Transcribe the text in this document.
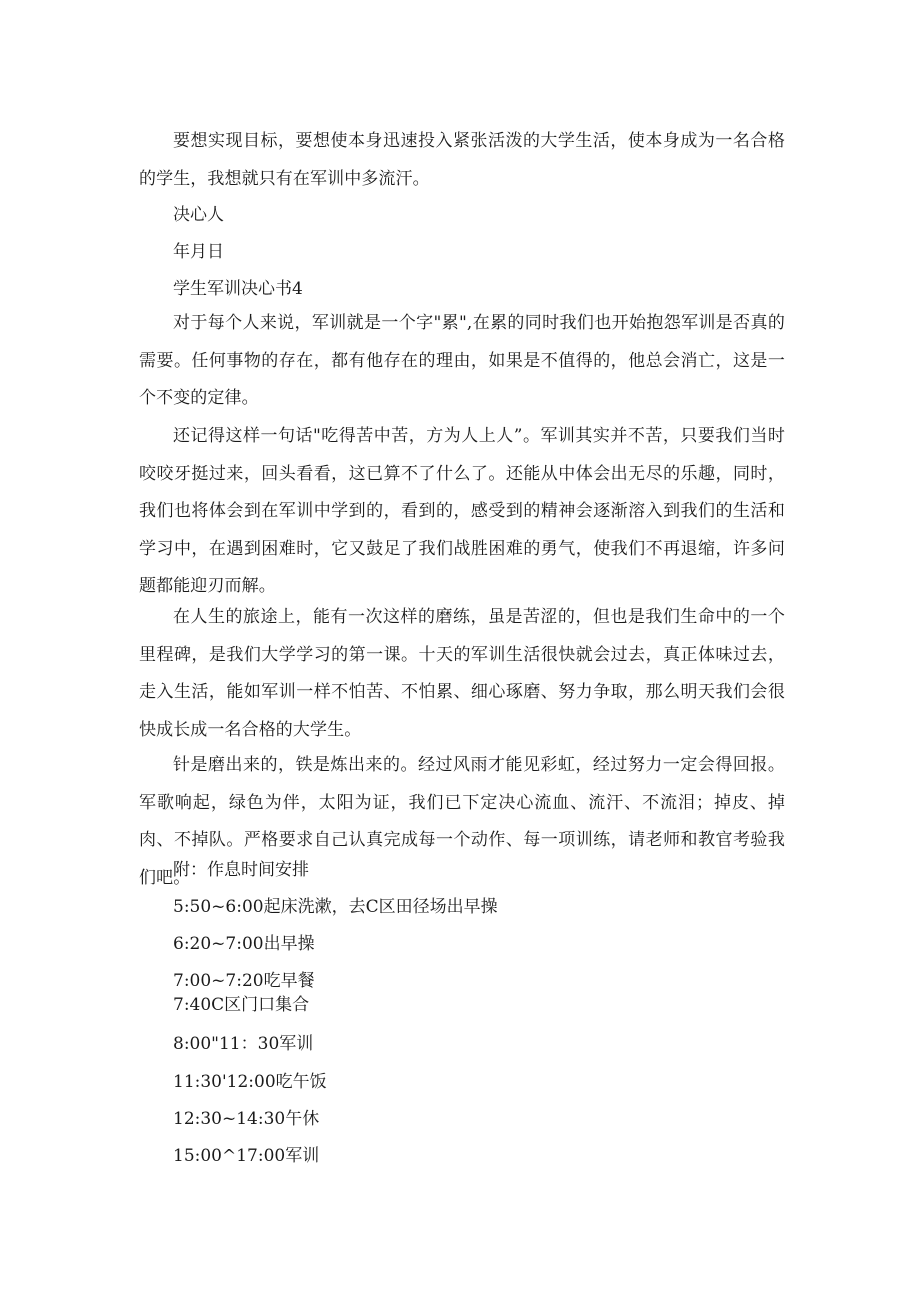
要想实现目标，要想使本身迅速投入紧张活泼的大学生活，使本身成为一名合格的学生，我想就只有在军训中多流汗。

决心人

年月日

学生军训决心书4

对于每个人来说，军训就是一个字"累",在累的同时我们也开始抱怨军训是否真的需要。任何事物的存在，都有他存在的理由，如果是不值得的，他总会消亡，这是一个不变的定律。

还记得这样一句话"吃得苦中苦，方为人上人”。军训其实并不苦，只要我们当时咬咬牙挺过来，回头看看，这已算不了什么了。还能从中体会出无尽的乐趣，同时，我们也将体会到在军训中学到的，看到的，感受到的精神会逐渐溶入到我们的生活和学习中，在遇到困难时，它又鼓足了我们战胜困难的勇气，使我们不再退缩，许多问题都能迎刃而解。

在人生的旅途上，能有一次这样的磨练，虽是苦涩的，但也是我们生命中的一个里程碑，是我们大学学习的第一课。十天的军训生活很快就会过去，真正体味过去，走入生活，能如军训一样不怕苦、不怕累、细心琢磨、努力争取，那么明天我们会很快成长成一名合格的大学生。

针是磨出来的，铁是炼出来的。经过风雨才能见彩虹，经过努力一定会得回报。军歌响起，绿色为伴，太阳为证，我们已下定决心流血、流汗、不流泪；掉皮、掉肉、不掉队。严格要求自己认真完成每一个动作、每一项训练，请老师和教官考验我们吧。

附：作息时间安排

5:50~6:00起床洗漱，去C区田径场出早操

6:20~7:00出早操

7:00~7:20吃早餐

7:40C区门口集合

8:00"11：30军训

11:30'12:00吃午饭

12:30~14:30午休

15:00^17:00军训
